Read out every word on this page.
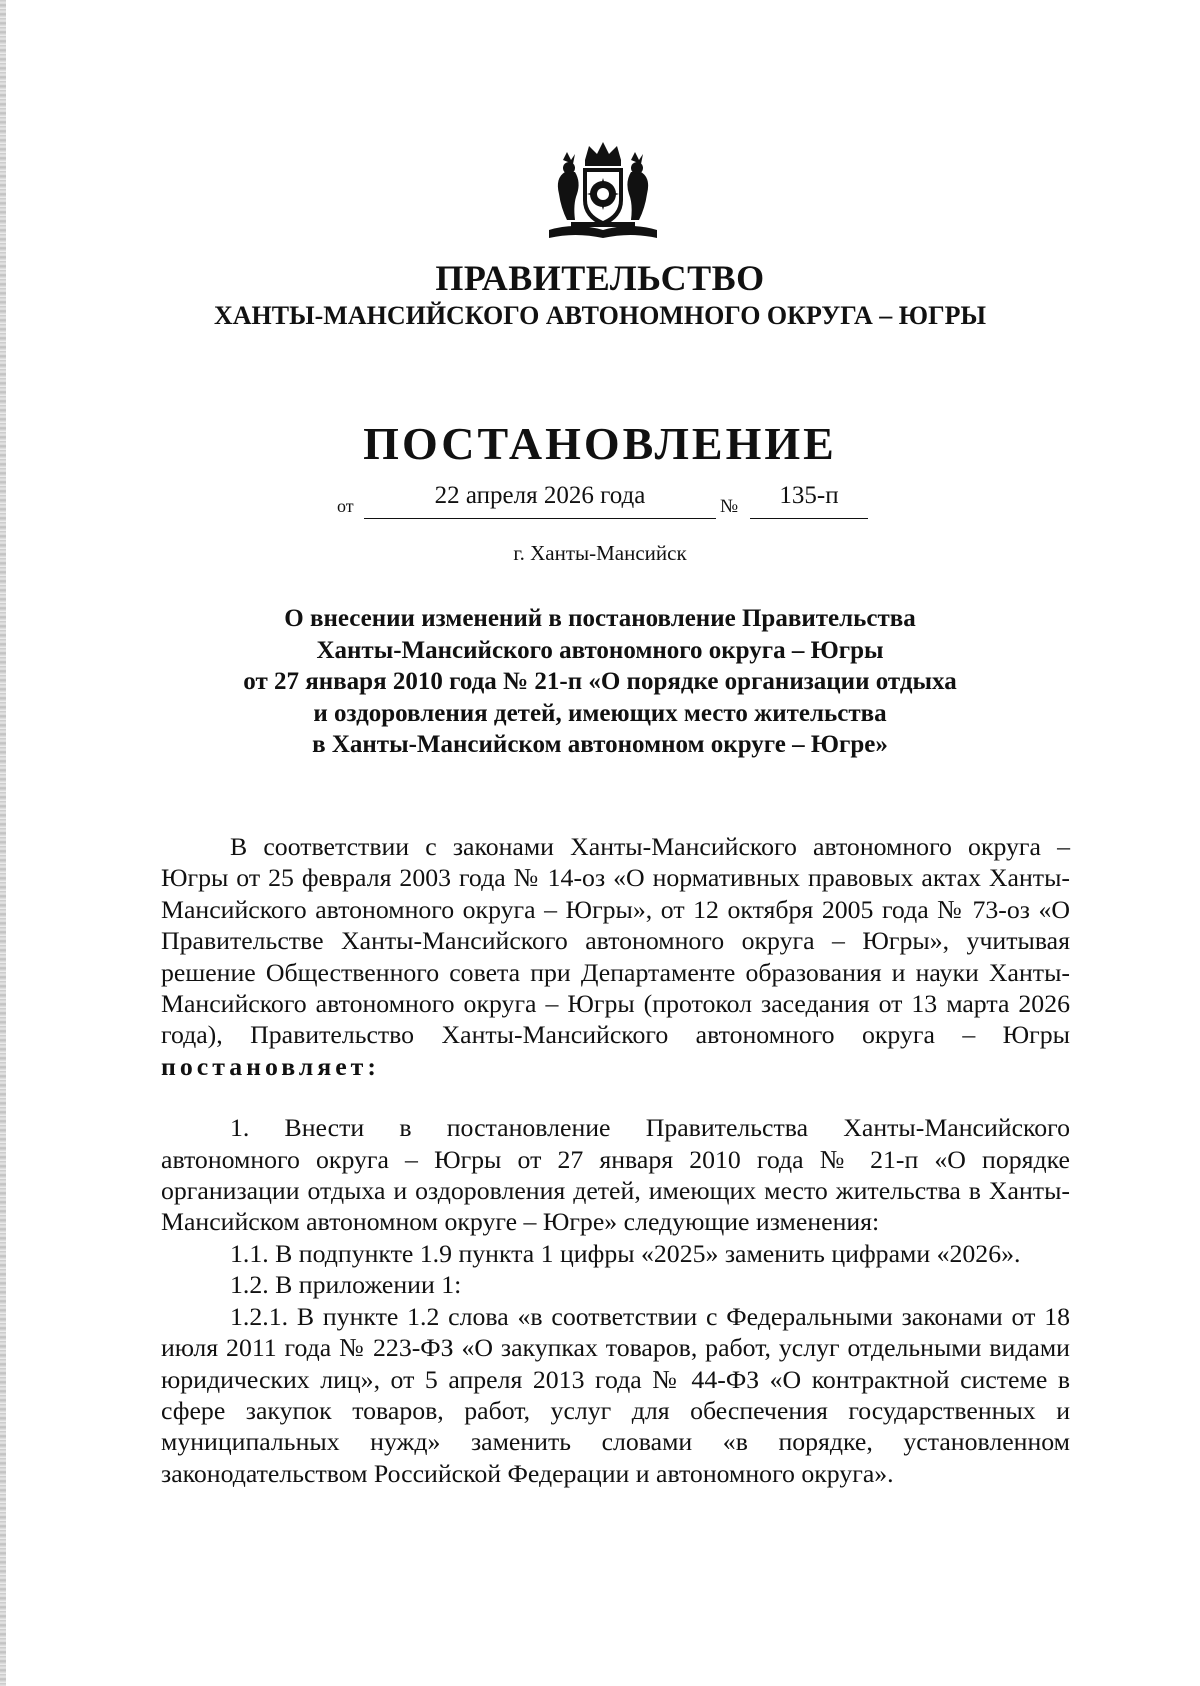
ПРАВИТЕЛЬСТВО
ХАНТЫ-МАНСИЙСКОГО АВТОНОМНОГО ОКРУГА – ЮГРЫ
ПОСТАНОВЛЕНИЕ
от	22 апреля 2026 года	№	135-п
г. Ханты-Мансийск
О внесении изменений в постановление Правительства
Ханты-Мансийского автономного округа – Югры
от 27 января 2010 года № 21-п «О порядке организации отдыха
и оздоровления детей, имеющих место жительства
в Ханты-Мансийском автономном округе – Югре»

В соответствии с законами Ханты-Мансийского автономного округа – Югры от 25 февраля 2003 года № 14-оз «О нормативных правовых актах Ханты-Мансийского автономного округа – Югры», от 12 октября 2005 года № 73-оз «О Правительстве Ханты-Мансийского автономного округа – Югры», учитывая решение Общественного совета при Департаменте образования и науки Ханты-Мансийского автономного округа – Югры (протокол заседания от 13 марта 2026 года), Правительство Ханты-Мансийского автономного округа – Югры постановляет:

1. Внести в постановление Правительства Ханты-Мансийского автономного округа – Югры от 27 января 2010 года № 21-п «О порядке организации отдыха и оздоровления детей, имеющих место жительства в Ханты-Мансийском автономном округе – Югре» следующие изменения:

1.1. В подпункте 1.9 пункта 1 цифры «2025» заменить цифрами «2026».

1.2. В приложении 1:

1.2.1. В пункте 1.2 слова «в соответствии с Федеральными законами от 18 июля 2011 года № 223-ФЗ «О закупках товаров, работ, услуг отдельными видами юридических лиц», от 5 апреля 2013 года № 44-ФЗ «О контрактной системе в сфере закупок товаров, работ, услуг для обеспечения государственных и муниципальных нужд» заменить словами «в порядке, установленном законодательством Российской Федерации и автономного округа».
